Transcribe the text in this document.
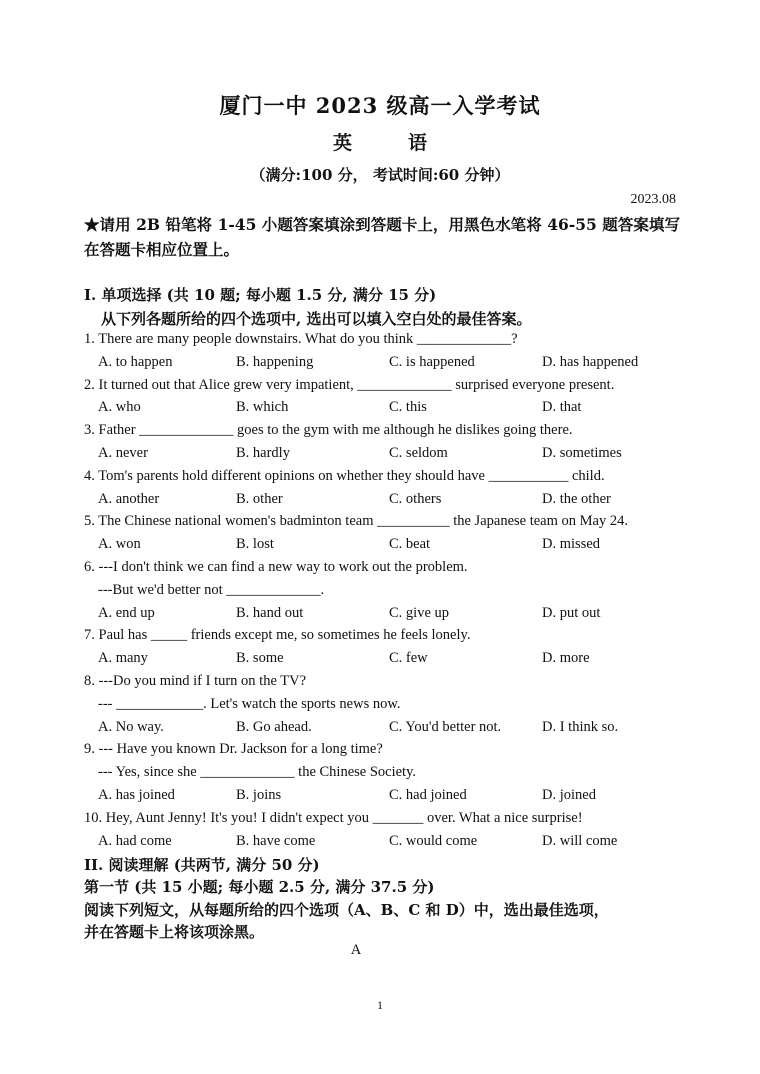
厦门一中 2023 级高一入学考试
英	语
（满分:100 分， 考试时间:60 分钟）
2023.08
★请用 2B 铅笔将 1-45 小题答案填涂到答题卡上，用黑色水笔将 46-55 题答案填写在答题卡相应位置上。
I. 单项选择 (共 10 题; 每小题 1.5 分, 满分 15 分)
从下列各题所给的四个选项中, 选出可以填入空白处的最佳答案。
1. There are many people downstairs. What do you think _____________?
A. to happen	B. happening	C. is happened	D. has happened
2. It turned out that Alice grew very impatient, _____________ surprised everyone present.
A. who	B. which	C. this	D. that
3. Father _____________ goes to the gym with me although he dislikes going there.
A. never	B. hardly	C. seldom	D. sometimes
4. Tom's parents hold different opinions on whether they should have ___________ child.
A. another	B. other	C. others	D. the other
5. The Chinese national women's badminton team __________ the Japanese team on May 24.
A. won	B. lost	C. beat	D. missed
6. ---I don't think we can find a new way to work out the problem.
---But we'd better not _____________.
A. end up	B. hand out	C. give up	D. put out
7. Paul has _____ friends except me, so sometimes he feels lonely.
A. many	B. some	C. few	D. more
8. ---Do you mind if I turn on the TV?
--- ____________. Let's watch the sports news now.
A. No way.	B. Go ahead.	C. You'd better not.	D. I think so.
9. --- Have you known Dr. Jackson for a long time?
--- Yes, since she _____________ the Chinese Society.
A. has joined	B. joins	C. had joined	D. joined
10. Hey, Aunt Jenny! It's you! I didn't expect you _______ over. What a nice surprise!
A. had come	B. have come	C. would come	D. will come
II. 阅读理解 (共两节, 满分 50 分)
第一节 (共 15 小题; 每小题 2.5 分, 满分 37.5 分)
阅读下列短文，从每题所给的四个选项（A、B、C 和 D）中，选出最佳选项，
并在答题卡上将该项涂黑。
A
1
